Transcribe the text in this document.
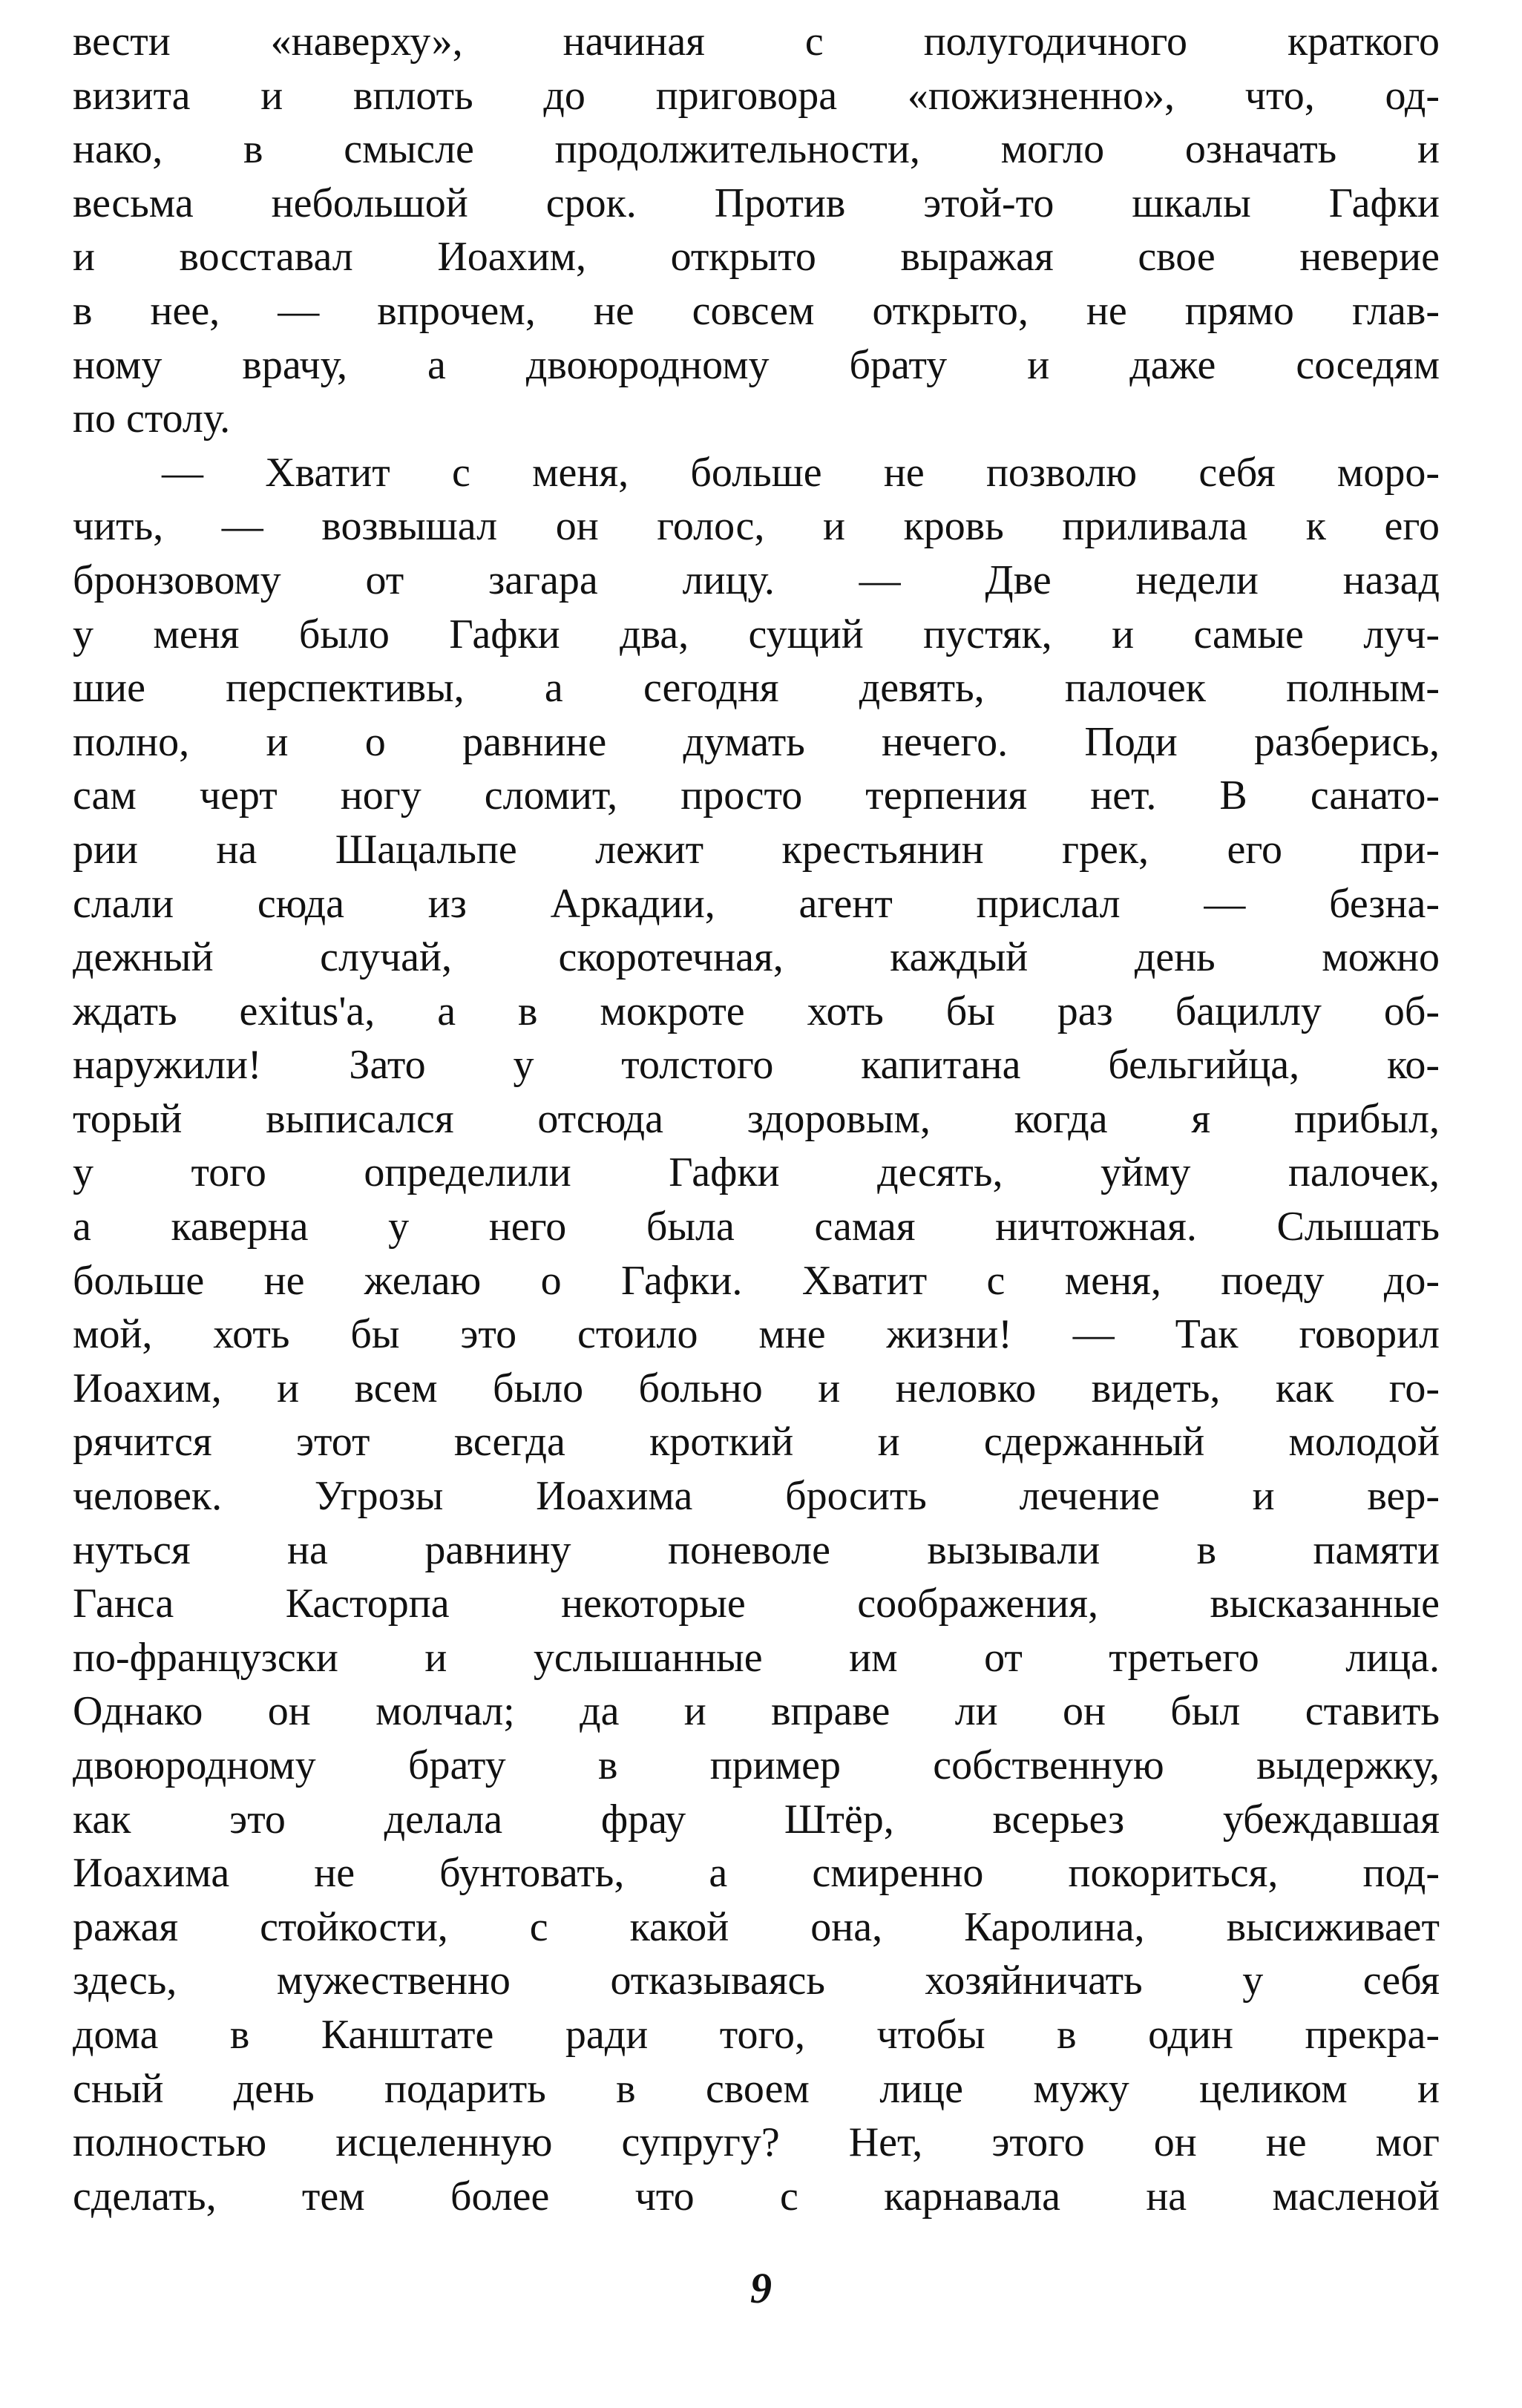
вести «наверху», начиная с полугодичного краткого
визита и вплоть до приговора «пожизненно», что, од-
нако, в смысле продолжительности, могло означать и
весьма небольшой срок. Против этой-то шкалы Гафки
и восставал Иоахим, открыто выражая свое неверие
в нее, — впрочем, не совсем открыто, не прямо глав-
ному врачу, а двоюродному брату и даже соседям
по столу.
— Хватит с меня, больше не позволю себя моро-
чить, — возвышал он голос, и кровь приливала к его
бронзовому от загара лицу. — Две недели назад
у меня было Гафки два, сущий пустяк, и самые луч-
шие перспективы, а сегодня девять, палочек полным-
полно, и о равнине думать нечего. Поди разберись,
сам черт ногу сломит, просто терпения нет. В санато-
рии на Шацальпе лежит крестьянин грек, его при-
слали сюда из Аркадии, агент прислал — безна-
дежный случай, скоротечная, каждый день можно
ждать exitus'а, а в мокроте хоть бы раз бациллу об-
наружили! Зато у толстого капитана бельгийца, ко-
торый выписался отсюда здоровым, когда я прибыл,
у того определили Гафки десять, уйму палочек,
а каверна у него была самая ничтожная. Слышать
больше не желаю о Гафки. Хватит с меня, поеду до-
мой, хоть бы это стоило мне жизни! — Так говорил
Иоахим, и всем было больно и неловко видеть, как го-
рячится этот всегда кроткий и сдержанный молодой
человек. Угрозы Иоахима бросить лечение и вер-
нуться на равнину поневоле вызывали в памяти
Ганса Касторпа некоторые соображения, высказанные
по-французски и услышанные им от третьего лица.
Однако он молчал; да и вправе ли он был ставить
двоюродному брату в пример собственную выдержку,
как это делала фрау Штёр, всерьез убеждавшая
Иоахима не бунтовать, а смиренно покориться, под-
ражая стойкости, с какой она, Каролина, высиживает
здесь, мужественно отказываясь хозяйничать у себя
дома в Канштате ради того, чтобы в один прекра-
сный день подарить в своем лице мужу целиком и
полностью исцеленную супругу? Нет, этого он не мог
сделать, тем более что с карнавала на масленой
9
